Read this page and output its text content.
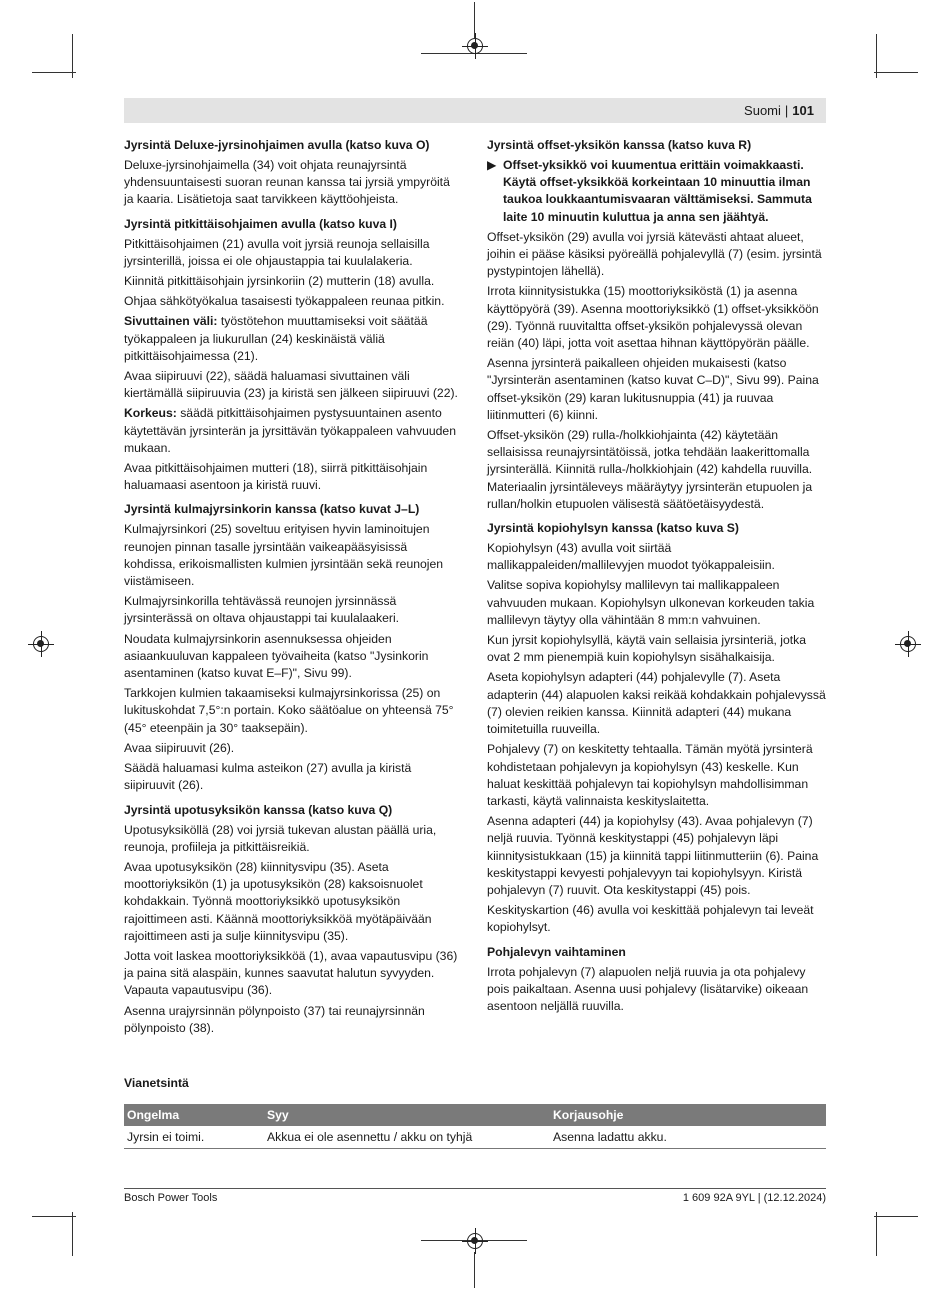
Suomi | 101
Jyrsintä Deluxe-jyrsinohjaimen avulla (katso kuva O)

Deluxe-jyrsinohjaimella (34) voit ohjata reunajyrsintä yhdensuuntaisesti suoran reunan kanssa tai jyrsiä ympyröitä ja kaaria. Lisätietoja saat tarvikkeen käyttöohjeista.

Jyrsintä pitkittäisohjaimen avulla (katso kuva I)

Pitkittäisohjaimen (21) avulla voit jyrsiä reunoja sellaisilla jyrsinterillä, joissa ei ole ohjaustappia tai kuulalakeria.

Kiinnitä pitkittäisohjain jyrsinkoriin (2) mutterin (18) avulla.

Ohjaa sähkötyökalua tasaisesti työkappaleen reunaa pitkin.

Sivuttainen väli: työstötehon muuttamiseksi voit säätää työkappaleen ja liukurullan (24) keskinäistä väliä pitkittäisohjaimessa (21).

Avaa siipiruuvi (22), säädä haluamasi sivuttainen väli kiertämällä siipiruuvia (23) ja kiristä sen jälkeen siipiruuvi (22).

Korkeus: säädä pitkittäisohjaimen pystysuuntainen asento käytettävän jyrsinterän ja jyrsittävän työkappaleen vahvuuden mukaan.

Avaa pitkittäisohjaimen mutteri (18), siirrä pitkittäisohjain haluamaasi asentoon ja kiristä ruuvi.

Jyrsintä kulmajyrsinkorin kanssa (katso kuvat J–L)

Kulmajyrsinkori (25) soveltuu erityisen hyvin laminoitujen reunojen pinnan tasalle jyrsintään vaikeapääsyisissä kohdissa, erikoismallisten kulmien jyrsintään sekä reunojen viistämiseen.

Kulmajyrsinkorilla tehtävässä reunojen jyrsinnässä jyrsinterässä on oltava ohjaustappi tai kuulalaakeri.

Noudata kulmajyrsinkorin asennuksessa ohjeiden asiaankuuluvan kappaleen työvaiheita (katso "Jysinkorin asentaminen (katso kuvat E–F)", Sivu 99).

Tarkkojen kulmien takaamiseksi kulmajyrsinkorissa (25) on lukituskohdat 7,5°:n portain. Koko säätöalue on yhteensä 75° (45° eteenpäin ja 30° taaksepäin).

Avaa siipiruuvit (26).

Säädä haluamasi kulma asteikon (27) avulla ja kiristä siipiruuvit (26).

Jyrsintä upotusyksikön kanssa (katso kuva Q)

Upotusyksiköllä (28) voi jyrsiä tukevan alustan päällä uria, reunoja, profiileja ja pitkittäisreikiä.

Avaa upotusyksikön (28) kiinnitysvipu (35). Aseta moottoriyksikön (1) ja upotusyksikön (28) kaksoisnuolet kohdakkain. Työnnä moottoriyksikkö upotusyksikön rajoittimeen asti. Käännä moottoriyksikköä myötäpäivään rajoittimeen asti ja sulje kiinnitysvipu (35).

Jotta voit laskea moottoriyksikköä (1), avaa vapautusvipu (36) ja paina sitä alaspäin, kunnes saavutat halutun syvyyden. Vapauta vapautusvipu (36).

Asenna urajyrsinnän pölynpoisto (37) tai reunajyrsinnän pölynpoisto (38).

Jyrsintä offset-yksikön kanssa (katso kuva R)
▶ Offset-yksikkö voi kuumentua erittäin voimakkaasti. Käytä offset-yksikköä korkeintaan 10 minuuttia ilman taukoa loukkaantumisvaaran välttämiseksi. Sammuta laite 10 minuutin kuluttua ja anna sen jäähtyä.

Offset-yksikön (29) avulla voi jyrsiä kätevästi ahtaat alueet, joihin ei pääse käsiksi pyöreällä pohjalevyllä (7) (esim. jyrsintä pystypintojen lähellä).

Irrota kiinnitysistukka (15) moottoriyksiköstä (1) ja asenna käyttöpyörä (39). Asenna moottoriyksikkö (1) offset-yksikköön (29). Työnnä ruuvitaltta offset-yksikön pohjalevyssä olevan reiän (40) läpi, jotta voit asettaa hihnan käyttöpyörän päälle.

Asenna jyrsinterä paikalleen ohjeiden mukaisesti (katso "Jyrsinterän asentaminen (katso kuvat C–D)", Sivu 99). Paina offset-yksikön (29) karan lukitusnuppia (41) ja ruuvaa liitinmutteri (6) kiinni.

Offset-yksikön (29) rulla-/holkkiohjainta (42) käytetään sellaisissa reunajyrsintätöissä, jotka tehdään laakerittomalla jyrsinterällä. Kiinnitä rulla-/holkkiohjain (42) kahdella ruuvilla. Materiaalin jyrsintäleveys määräytyy jyrsinterän etupuolen ja rullan/holkin etupuolen välisestä säätöetäisyydestä.

Jyrsintä kopiohylsyn kanssa (katso kuva S)

Kopiohylsyn (43) avulla voit siirtää mallikappaleiden/mallilevyjen muodot työkappaleisiin.

Valitse sopiva kopiohylsy mallilevyn tai mallikappaleen vahvuuden mukaan. Kopiohylsyn ulkonevan korkeuden takia mallilevyn täytyy olla vähintään 8 mm:n vahvuinen.

Kun jyrsit kopiohylsyllä, käytä vain sellaisia jyrsinteriä, jotka ovat 2 mm pienempiä kuin kopiohylsyn sisähalkaisija.

Aseta kopiohylsyn adapteri (44) pohjalevylle (7). Aseta adapterin (44) alapuolen kaksi reikää kohdakkain pohjalevyssä (7) olevien reikien kanssa. Kiinnitä adapteri (44) mukana toimitetuilla ruuveilla.

Pohjalevy (7) on keskitetty tehtaalla. Tämän myötä jyrsinterä kohdistetaan pohjalevyn ja kopiohylsyn (43) keskelle. Kun haluat keskittää pohjalevyn tai kopiohylsyn mahdollisimman tarkasti, käytä valinnaista keskityslaitetta.

Asenna adapteri (44) ja kopiohylsy (43). Avaa pohjalevyn (7) neljä ruuvia. Työnnä keskitystappi (45) pohjalevyn läpi kiinnitysistukkaan (15) ja kiinnitä tappi liitinmutteriin (6). Paina keskitystappi kevyesti pohjalevyyn tai kopiohylsyyn. Kiristä pohjalevyn (7) ruuvit. Ota keskitystappi (45) pois.

Keskityskartion (46) avulla voi keskittää pohjalevyn tai leveät kopiohylsyt.

Pohjalevyn vaihtaminen

Irrota pohjalevyn (7) alapuolen neljä ruuvia ja ota pohjalevy pois paikaltaan. Asenna uusi pohjalevy (lisätarvike) oikeaan asentoon neljällä ruuvilla.

Vianetsintä
Ongelma	Syy	Korjausohje
Jyrsin ei toimi.	Akkua ei ole asennettu / akku on tyhjä	Asenna ladattu akku.
Bosch Power Tools	1 609 92A 9YL | (12.12.2024)
